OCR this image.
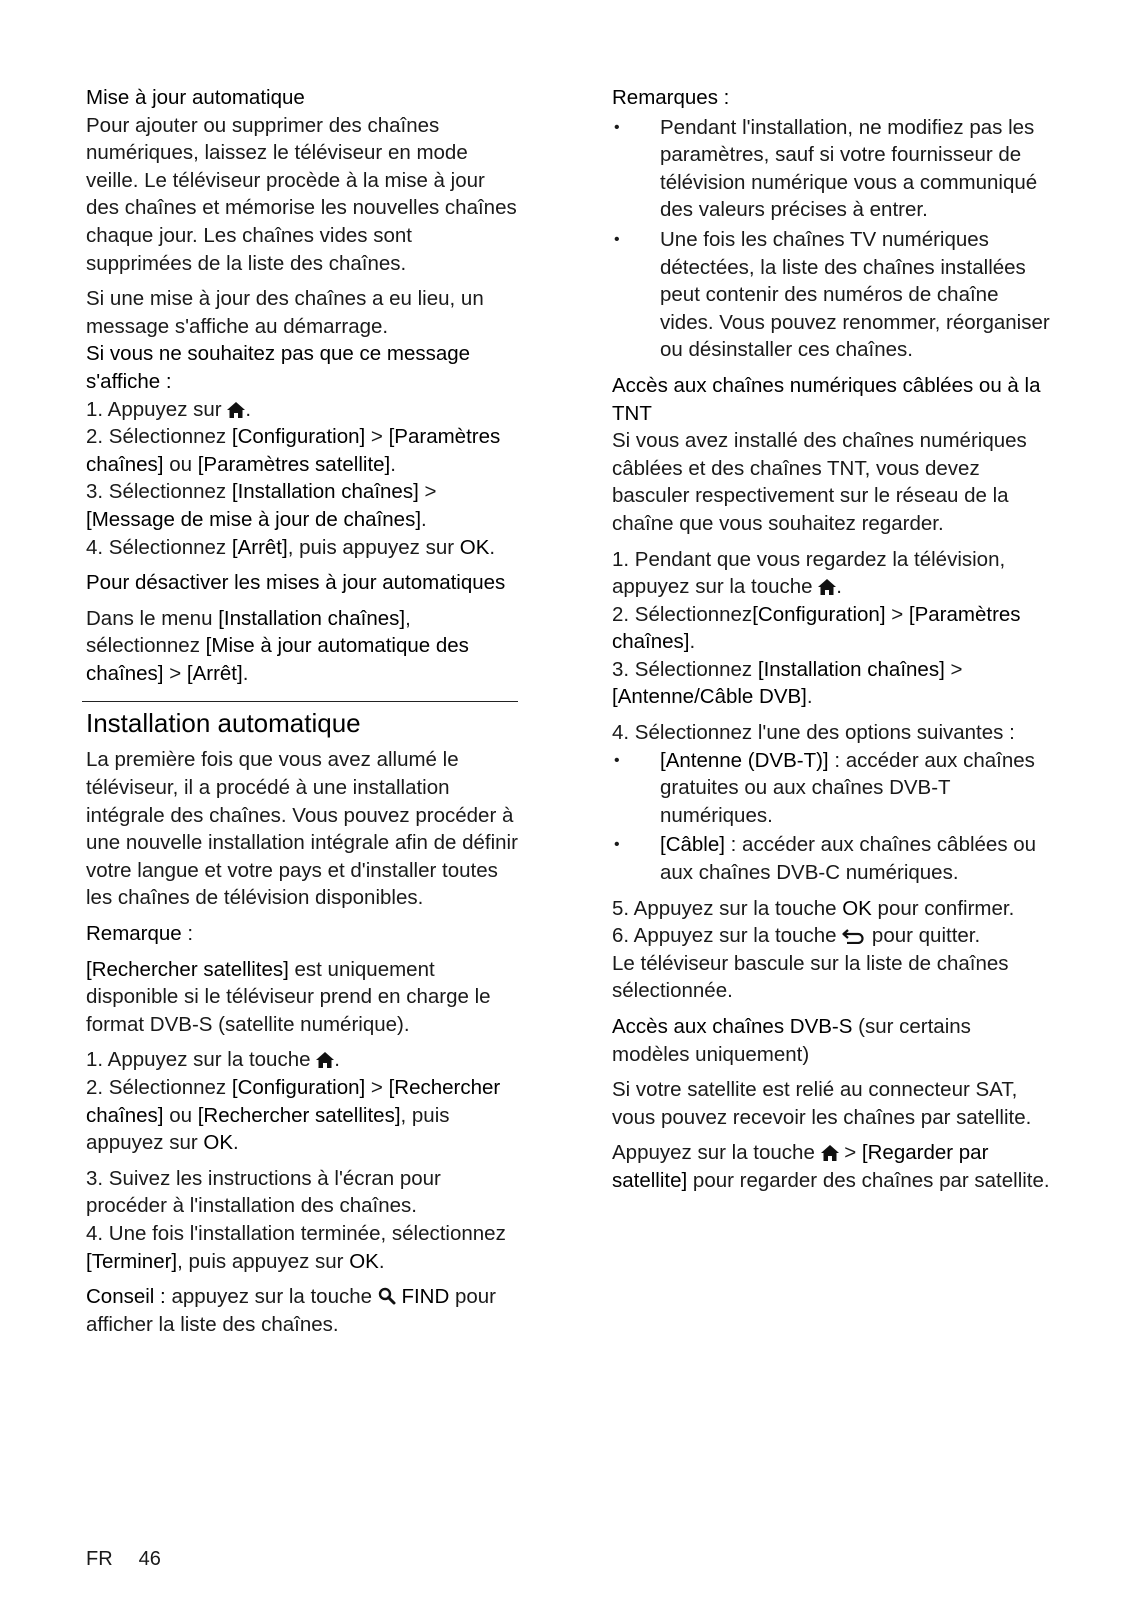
Mise à jour automatique

Pour ajouter ou supprimer des chaînes numériques, laissez le téléviseur en mode veille. Le téléviseur procède à la mise à jour des chaînes et mémorise les nouvelles chaînes chaque jour. Les chaînes vides sont supprimées de la liste des chaînes.

Si une mise à jour des chaînes a eu lieu, un message s'affiche au démarrage.

Si vous ne souhaitez pas que ce message s'affiche :

1. Appuyez sur
.

2. Sélectionnez [Configuration] > [Paramètres chaînes] ou [Paramètres satellite].

3. Sélectionnez [Installation chaînes] > [Message de mise à jour de chaînes].

4. Sélectionnez [Arrêt], puis appuyez sur OK.

Pour désactiver les mises à jour automatiques

Dans le menu [Installation chaînes], sélectionnez [Mise à jour automatique des chaînes] > [Arrêt].

Installation automatique

La première fois que vous avez allumé le téléviseur, il a procédé à une installation intégrale des chaînes. Vous pouvez procéder à une nouvelle installation intégrale afin de définir votre langue et votre pays et d'installer toutes les chaînes de télévision disponibles.

Remarque :

[Rechercher satellites] est uniquement disponible si le téléviseur prend en charge le format DVB-S (satellite numérique).

1. Appuyez sur la touche
.

2. Sélectionnez [Configuration] > [Rechercher chaînes] ou [Rechercher satellites], puis appuyez sur OK.

3. Suivez les instructions à l'écran pour procéder à l'installation des chaînes.

4. Une fois l'installation terminée, sélectionnez [Terminer], puis appuyez sur OK.

Conseil : appuyez sur la touche
FIND pour afficher la liste des chaînes.

Remarques :
• Pendant l'installation, ne modifiez pas les paramètres, sauf si votre fournisseur de télévision numérique vous a communiqué des valeurs précises à entrer.
• Une fois les chaînes TV numériques détectées, la liste des chaînes installées peut contenir des numéros de chaîne vides. Vous pouvez renommer, réorganiser ou désinstaller ces chaînes.
Accès aux chaînes numériques câblées ou à la TNT

Si vous avez installé des chaînes numériques câblées et des chaînes TNT, vous devez basculer respectivement sur le réseau de la chaîne que vous souhaitez regarder.

1. Pendant que vous regardez la télévision, appuyez sur la touche
.

2. Sélectionnez[Configuration] > [Paramètres chaînes].

3. Sélectionnez [Installation chaînes] > [Antenne/Câble DVB].

4. Sélectionnez l'une des options suivantes :

• [Antenne (DVB-T)] : accéder aux chaînes gratuites ou aux chaînes DVB-T numériques.
• [Câble] : accéder aux chaînes câblées ou aux chaînes DVB-C numériques.

5. Appuyez sur la touche OK pour confirmer.

6. Appuyez sur la touche
pour quitter.

Le téléviseur bascule sur la liste de chaînes sélectionnée.

Accès aux chaînes DVB-S (sur certains modèles uniquement)

Si votre satellite est relié au connecteur SAT, vous pouvez recevoir les chaînes par satellite.

Appuyez sur la touche
> [Regarder par satellite] pour regarder des chaînes par satellite.

FR 46
